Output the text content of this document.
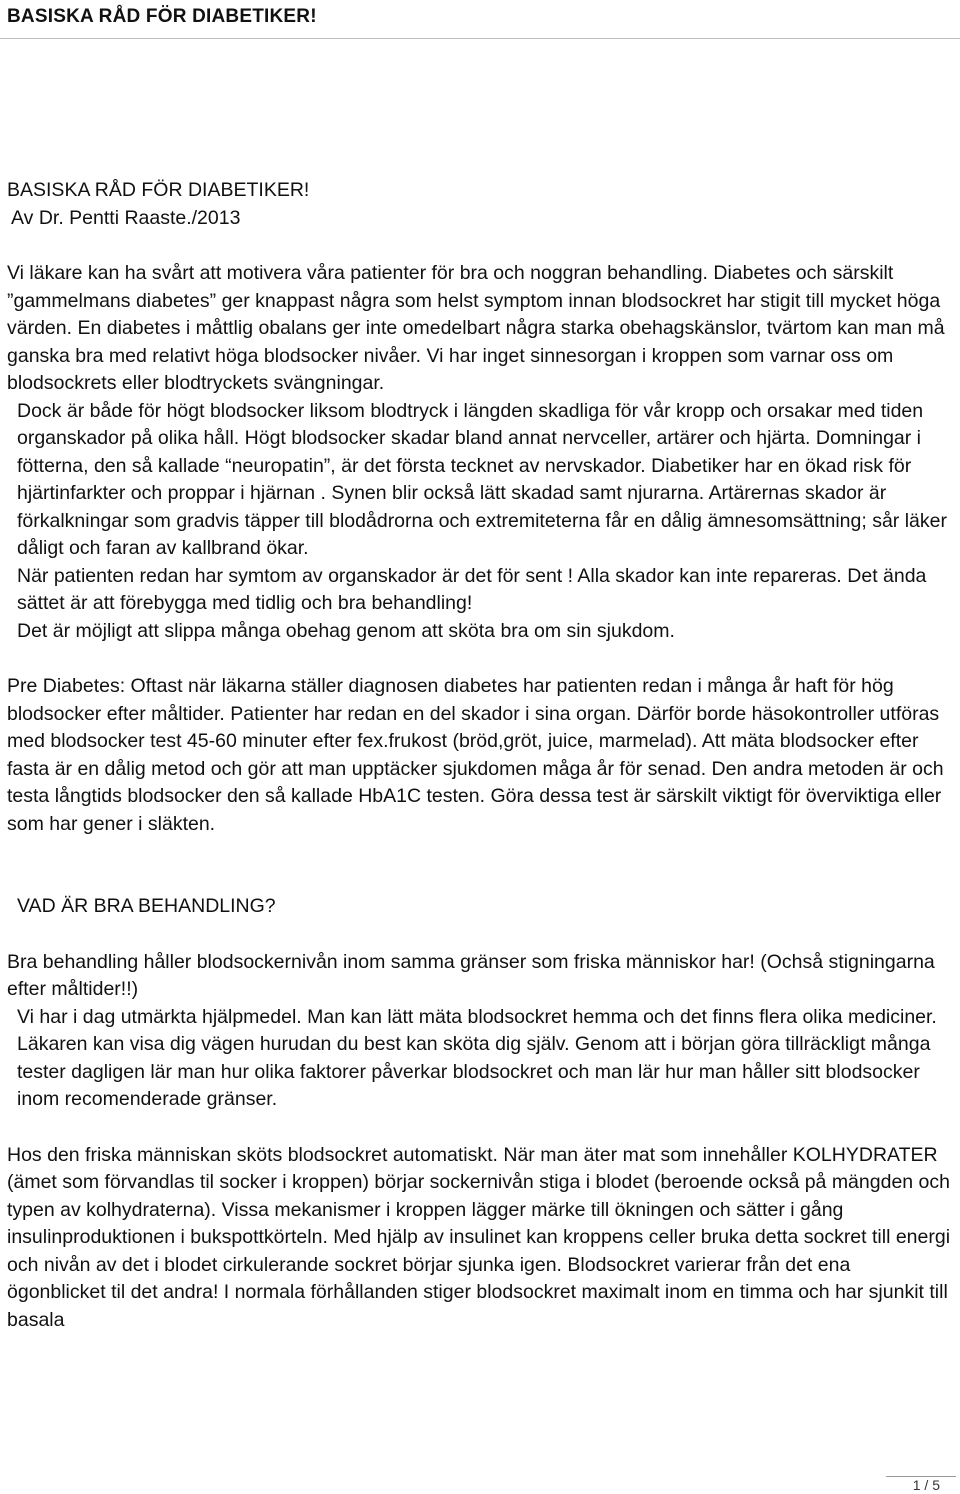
BASISKA RÅD FÖR DIABETIKER!

BASISKA RÅD FÖR DIABETIKER!

Av Dr. Pentti Raaste./2013

Vi läkare kan ha svårt att motivera våra patienter för bra och noggran behandling. Diabetes och särskilt ”gammelmans diabetes” ger knappast några som helst symptom innan blodsockret har stigit till mycket höga värden. En diabetes i måttlig obalans ger inte omedelbart några starka obehagskänslor, tvärtom kan man må ganska bra med relativt höga blodsocker nivåer. Vi har inget sinnesorgan i kroppen som varnar oss om blodsockrets eller blodtryckets svängningar.

Dock är både för högt blodsocker liksom blodtryck i längden skadliga för vår kropp och orsakar med tiden organskador på olika håll. Högt blodsocker skadar bland annat nervceller, artärer och hjärta. Domningar i fötterna, den så kallade “neuropatin”, är det första tecknet av nervskador. Diabetiker har en ökad risk för hjärtinfarkter och proppar i hjärnan . Synen blir också lätt skadad samt njurarna. Artärernas skador är förkalkningar som gradvis täpper till blodådrorna och extremiteterna får en dålig ämnesomsättning; sår läker dåligt och faran av kallbrand ökar.

När patienten redan har symtom av organskador är det för sent ! Alla skador kan inte repareras. Det ända sättet är att förebygga med tidlig och bra behandling!

Det är möjligt att slippa många obehag genom att sköta bra om sin sjukdom.

Pre Diabetes: Oftast när läkarna ställer diagnosen diabetes har patienten redan i många år haft för hög blodsocker efter måltider. Patienter har redan en del skador i sina organ. Därför borde häsokontroller utföras med blodsocker test 45-60 minuter efter fex.frukost (bröd,gröt, juice, marmelad). Att mäta blodsocker efter fasta är en dålig metod och gör att man upptäcker sjukdomen måga år för senad. Den andra metoden är och testa långtids blodsocker den så kallade HbA1C testen. Göra dessa test är särskilt viktigt för överviktiga eller som har gener i släkten.

VAD ÄR BRA BEHANDLING?

Bra behandling håller blodsockernivån inom samma gränser som friska människor har! (Ochså stigningarna efter måltider!!)

Vi har i dag utmärkta hjälpmedel. Man kan lätt mäta blodsockret hemma och det finns flera olika mediciner. Läkaren kan visa dig vägen hurudan du best kan sköta dig själv. Genom att i början göra tillräckligt många tester dagligen lär man hur olika faktorer påverkar blodsockret och man lär hur man håller sitt blodsocker inom recomenderade gränser.

Hos den friska människan sköts blodsockret automatiskt. När man äter mat som innehåller KOLHYDRATER (ämet som förvandlas til socker i kroppen) börjar sockernivån stiga i blodet (beroende också på mängden och typen av kolhydraterna). Vissa mekanismer i kroppen lägger märke till ökningen och sätter i gång insulinproduktionen i bukspottkörteln. Med hjälp av insulinet kan kroppens celler bruka detta sockret till energi och nivån av det i blodet cirkulerande sockret börjar sjunka igen. Blodsockret varierar från det ena ögonblicket til det andra! I normala förhållanden stiger blodsockret maximalt inom en timma och har sjunkit till basala

1 / 5
